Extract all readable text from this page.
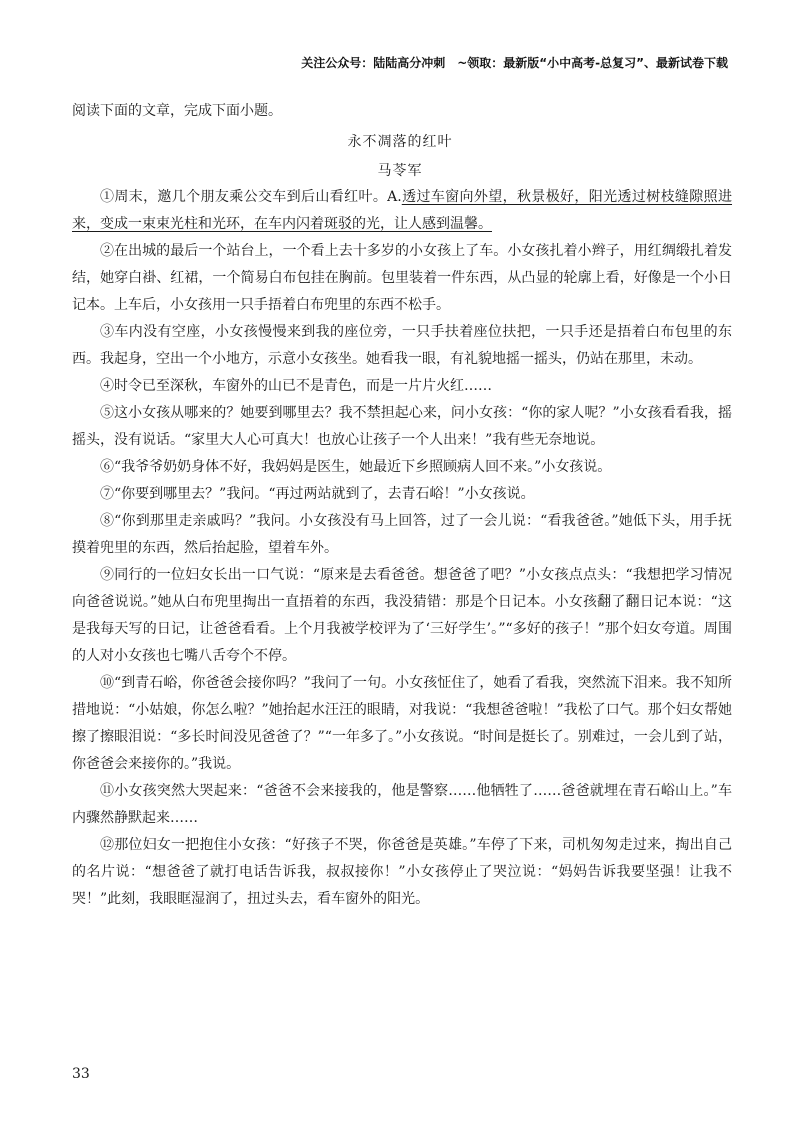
关注公众号：陆陆高分冲刺　~领取：最新版“小中高考-总复习”、最新试卷下载
阅读下面的文章，完成下面小题。
永不凋落的红叶
马苓军

①周末，邀几个朋友乘公交车到后山看红叶。A.透过车窗向外望，秋景极好，阳光透过树枝缝隙照进来，变成一束束光柱和光环，在车内闪着斑驳的光，让人感到温馨。

②在出城的最后一个站台上，一个看上去十多岁的小女孩上了车。小女孩扎着小辫子，用红绸缎扎着发结，她穿白褂、红裙，一个简易白布包挂在胸前。包里装着一件东西，从凸显的轮廓上看，好像是一个小日记本。上车后，小女孩用一只手捂着白布兜里的东西不松手。

③车内没有空座，小女孩慢慢来到我的座位旁，一只手扶着座位扶把，一只手还是捂着白布包里的东西。我起身，空出一个小地方，示意小女孩坐。她看我一眼，有礼貌地摇一摇头，仍站在那里，未动。

④时令已至深秋，车窗外的山已不是青色，而是一片片火红……

⑤这小女孩从哪来的？她要到哪里去？我不禁担起心来，问小女孩：“你的家人呢？”小女孩看看我，摇摇头，没有说话。“家里大人心可真大！也放心让孩子一个人出来！”我有些无奈地说。

⑥“我爷爷奶奶身体不好，我妈妈是医生，她最近下乡照顾病人回不来。”小女孩说。

⑦“你要到哪里去？”我问。“再过两站就到了，去青石峪！”小女孩说。

⑧“你到那里走亲戚吗？”我问。小女孩没有马上回答，过了一会儿说：“看我爸爸。”她低下头，用手抚摸着兜里的东西，然后抬起脸，望着车外。

⑨同行的一位妇女长出一口气说：“原来是去看爸爸。想爸爸了吧？”小女孩点点头：“我想把学习情况向爸爸说说。”她从白布兜里掏出一直捂着的东西，我没猜错：那是个日记本。小女孩翻了翻日记本说：“这是我每天写的日记，让爸爸看看。上个月我被学校评为了‘三好学生’。”“多好的孩子！”那个妇女夸道。周围的人对小女孩也七嘴八舌夸个不停。

⑩“到青石峪，你爸爸会接你吗？”我问了一句。小女孩怔住了，她看了看我，突然流下泪来。我不知所措地说：“小姑娘，你怎么啦？”她抬起水汪汪的眼睛，对我说：“我想爸爸啦！”我松了口气。那个妇女帮她擦了擦眼泪说：“多长时间没见爸爸了？”“一年多了。”小女孩说。“时间是挺长了。别难过，一会儿到了站，你爸爸会来接你的。”我说。

⑪小女孩突然大哭起来：“爸爸不会来接我的，他是警察……他牺牲了……爸爸就埋在青石峪山上。”车内骤然静默起来……

⑫那位妇女一把抱住小女孩：“好孩子不哭，你爸爸是英雄。”车停了下来，司机匆匆走过来，掏出自己的名片说：“想爸爸了就打电话告诉我，叔叔接你！”小女孩停止了哭泣说：“妈妈告诉我要坚强！让我不哭！”此刻，我眼眶湿润了，扭过头去，看车窗外的阳光。

33
